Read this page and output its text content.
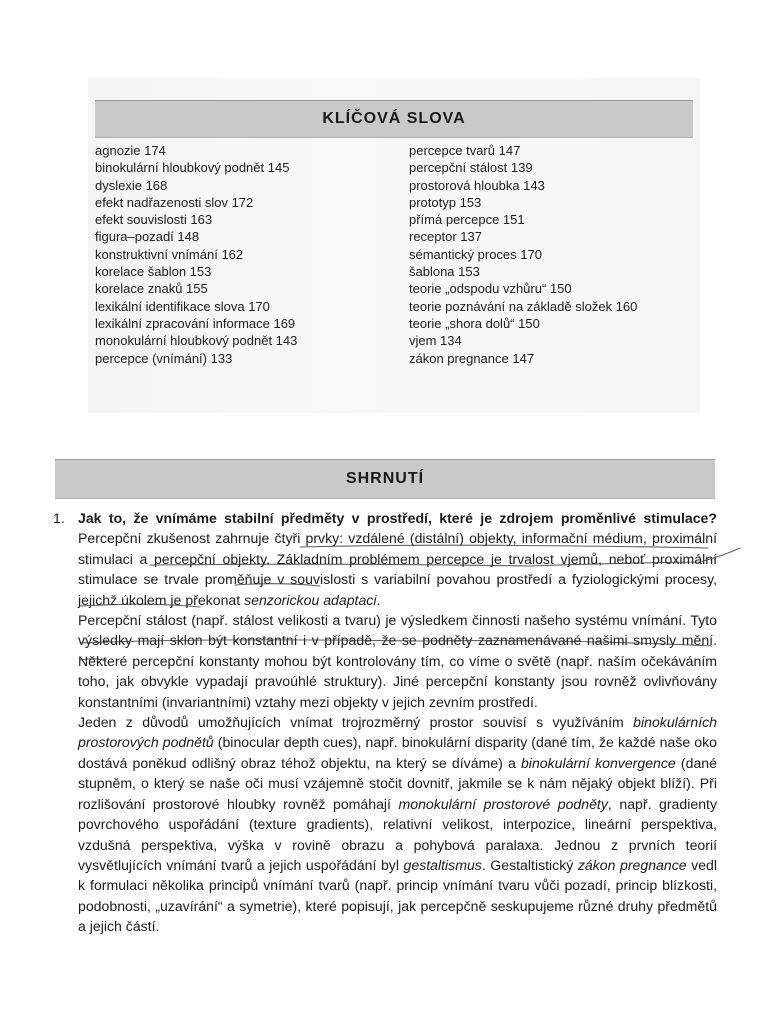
KLÍČOVÁ SLOVA
agnozie 174
binokulární hloubkový podnět 145
dyslexie 168
efekt nadřazenosti slov 172
efekt souvislosti 163
figura–pozadí 148
konstruktivní vnímání 162
korelace šablon 153
korelace znaků 155
lexikální identifikace slova 170
lexikální zpracování informace 169
monokulární hloubkový podnět 143
percepce (vnímání) 133
percepce tvarů 147
percepční stálost 139
prostorová hloubka 143
prototyp 153
přímá percepce 151
receptor 137
sémantický proces 170
šablona 153
teorie „odspodu vzhůru“ 150
teorie poznávání na základě složek 160
teorie „shora dolů“ 150
vjem 134
zákon pregnance 147
SHRNUTÍ
1. Jak to, že vnímáme stabilní předměty v prostředí, které je zdrojem proměnlivé stimulace? Percepční zkušenost zahrnuje čtyři prvky: vzdálené (distální) objekty, informační médium, proximální stimulaci a percepční objekty. Základním problémem percepce je trvalost vjemů, neboť proximální stimulace se trvale proměňuje v souvislosti s variabilní povahou prostředí a fyziologickými procesy, jejichž úkolem je překonat senzorickou adaptaci.

Percepční stálost (např. stálost velikosti a tvaru) je výsledkem činnosti našeho systému vnímání. Tyto výsledky mají sklon být konstantní i v případě, že se podněty zaznamenávané našimi smysly mění. Některé percepční konstanty mohou být kontrolovány tím, co víme o světě (např. naším očekáváním toho, jak obvykle vypadají pravoúhlé struktury). Jiné percepční konstanty jsou rovněž ovlivňovány konstantními (invariantními) vztahy mezi objekty v jejich zevním prostředí.

Jeden z důvodů umožňujících vnímat trojrozměrný prostor souvisí s využíváním binokulárních prostorových podnětů (binocular depth cues), např. binokulární disparity (dané tím, že každé naše oko dostává poněkud odlišný obraz téhož objektu, na který se díváme) a binokulární konvergence (dané stupněm, o který se naše oči musí vzájemně stočit dovnitř, jakmile se k nám nějaký objekt blíží). Při rozlišování prostorové hloubky rovněž pomáhají monokulární prostorové podněty, např. gradienty povrchového uspořádání (texture gradients), relativní velikost, interpozice, lineární perspektiva, vzdušná perspektiva, výška v rovině obrazu a pohybová paralaxa. Jednou z prvních teorií vysvětlujících vnímání tvarů a jejich uspořádání byl gestaltismus. Gestaltistický zákon pregnance vedl k formulaci několika principů vnímání tvarů (např. princip vnímání tvaru vůči pozadí, princip blízkosti, podobnosti, „uzavírání“ a symetrie), které popisují, jak percepčně seskupujeme různé druhy předmětů a jejich částí.
